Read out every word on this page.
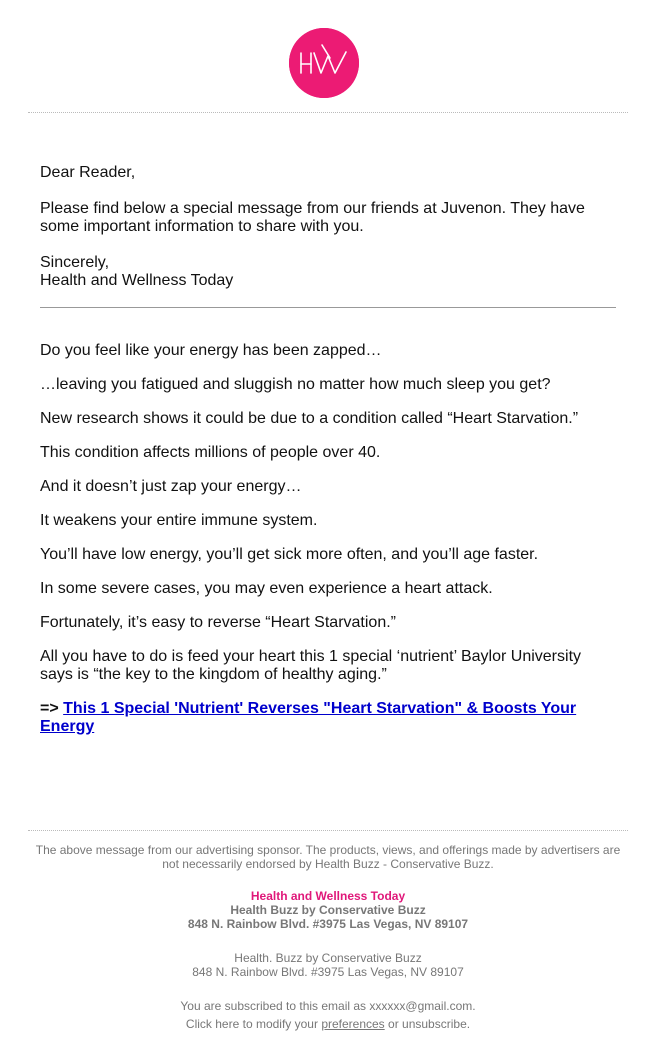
Dear Reader,

Please find below a special message from our friends at Juvenon. They have some important information to share with you.

Sincerely,

Health and Wellness Today

Do you feel like your energy has been zapped…

…leaving you fatigued and sluggish no matter how much sleep you get?

New research shows it could be due to a condition called “Heart Starvation.”

This condition affects millions of people over 40.

And it doesn’t just zap your energy…

It weakens your entire immune system.

You’ll have low energy, you’ll get sick more often, and you’ll age faster.

In some severe cases, you may even experience a heart attack.

Fortunately, it’s easy to reverse “Heart Starvation.”

All you have to do is feed your heart this 1 special ‘nutrient’ Baylor University says is “the key to the kingdom of healthy aging.”

=> This 1 Special 'Nutrient' Reverses "Heart Starvation" & Boosts Your Energy

The above message from our advertising sponsor. The products, views, and offerings made by advertisers are not necessarily endorsed by Health Buzz - Conservative Buzz.

Health and Wellness Today

Health Buzz by Conservative Buzz

848 N. Rainbow Blvd. #3975 Las Vegas, NV 89107

Health. Buzz by Conservative Buzz

848 N. Rainbow Blvd. #3975 Las Vegas, NV 89107

You are subscribed to this email as xxxxxx@gmail.com.

Click here to modify your preferences or unsubscribe.
